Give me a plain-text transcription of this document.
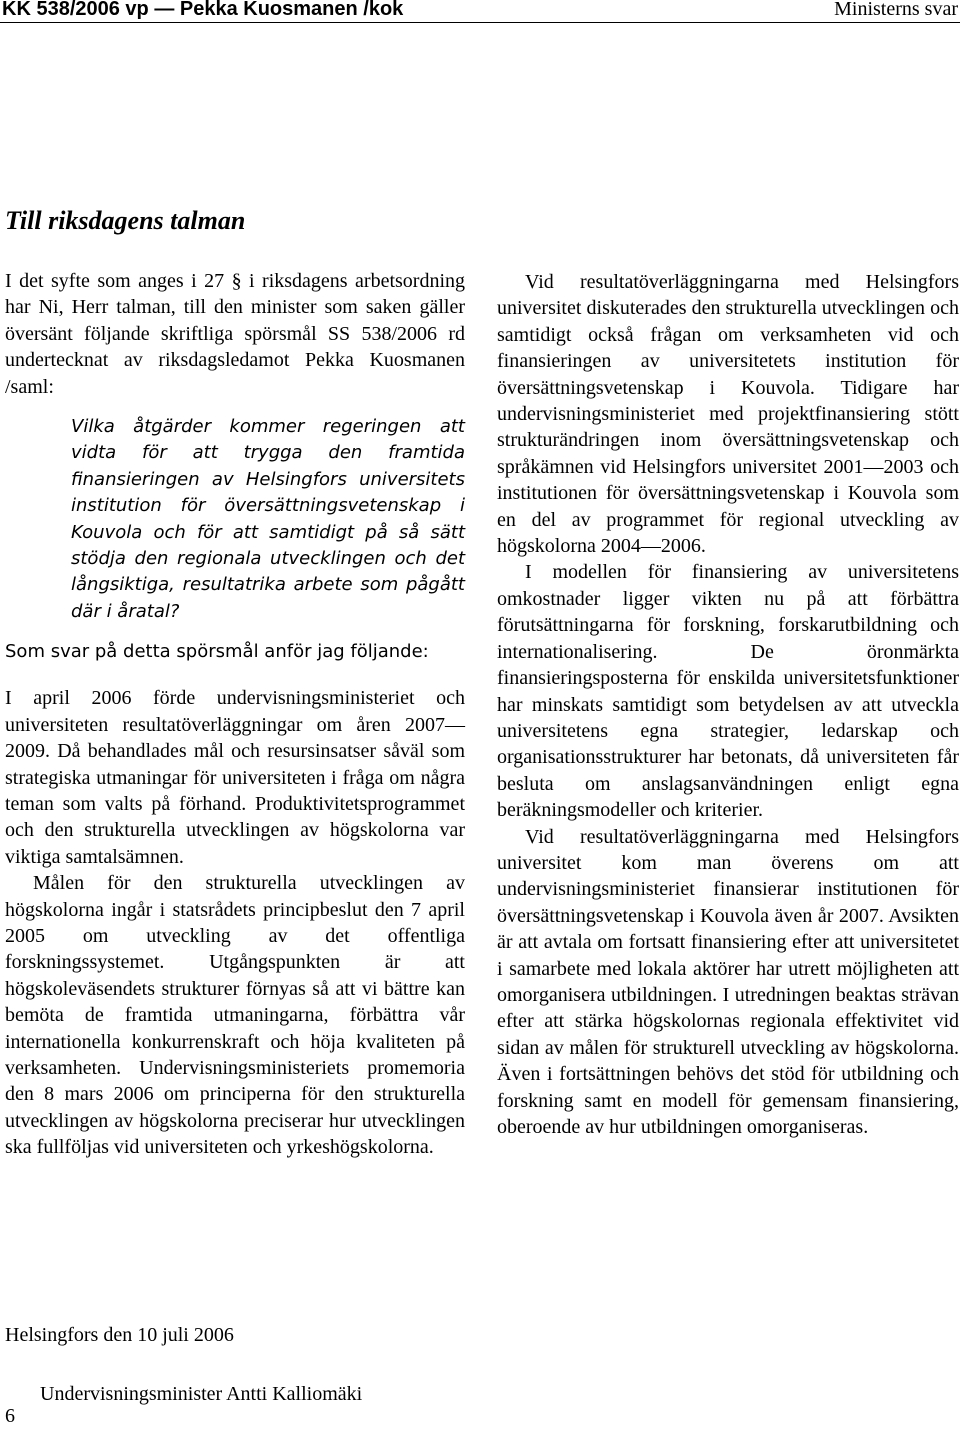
KK 538/2006 vp — Pekka Kuosmanen /kok	Ministerns svar
Till riksdagens talman

I det syfte som anges i 27 § i riksdagens arbetsordning har Ni, Herr talman, till den minister som saken gäller översänt följande skriftliga spörsmål SS 538/2006 rd undertecknat av riksdagsledamot Pekka Kuosmanen /saml:

Vilka åtgärder kommer regeringen att vidta för att trygga den framtida finansieringen av Helsingfors universitets institution för översättningsvetenskap i Kouvola och för att samtidigt på så sätt stödja den regionala utvecklingen och det långsiktiga, resultatrika arbete som pågått där i åratal?

Som svar på detta spörsmål anför jag följande:

I april 2006 förde undervisningsministeriet och universiteten resultatöverläggningar om åren 2007—2009. Då behandlades mål och resursinsatser såväl som strategiska utmaningar för universiteten i fråga om några teman som valts på förhand. Produktivitetsprogrammet och den strukturella utvecklingen av högskolorna var viktiga samtalsämnen.

Målen för den strukturella utvecklingen av högskolorna ingår i statsrådets principbeslut den 7 april 2005 om utveckling av det offentliga forskningssystemet. Utgångspunkten är att högskoleväsendets strukturer förnyas så att vi bättre kan bemöta de framtida utmaningarna, förbättra vår internationella konkurrenskraft och höja kvaliteten på verksamheten. Undervisningsministeriets promemoria den 8 mars 2006 om principerna för den strukturella utvecklingen av högskolorna preciserar hur utvecklingen ska fullföljas vid universiteten och yrkeshögskolorna.

Vid resultatöverläggningarna med Helsingfors universitet diskuterades den strukturella utvecklingen och samtidigt också frågan om verksamheten vid och finansieringen av universitetets institution för översättningsvetenskap i Kouvola. Tidigare har undervisningsministeriet med projektfinansiering stött strukturändringen inom översättningsvetenskap och språkämnen vid Helsingfors universitet 2001—2003 och institutionen för översättningsvetenskap i Kouvola som en del av programmet för regional utveckling av högskolorna 2004—2006.

I modellen för finansiering av universitetens omkostnader ligger vikten nu på att förbättra förutsättningarna för forskning, forskarutbildning och internationalisering. De öronmärkta finansieringsposterna för enskilda universitetsfunktioner har minskats samtidigt som betydelsen av att utveckla universitetens egna strategier, ledarskap och organisationsstrukturer har betonats, då universiteten får besluta om anslagsanvändningen enligt egna beräkningsmodeller och kriterier.

Vid resultatöverläggningarna med Helsingfors universitet kom man överens om att undervisningsministeriet finansierar institutionen för översättningsvetenskap i Kouvola även år 2007. Avsikten är att avtala om fortsatt finansiering efter att universitetet i samarbete med lokala aktörer har utrett möjligheten att omorganisera utbildningen. I utredningen beaktas strävan efter att stärka högskolornas regionala effektivitet vid sidan av målen för strukturell utveckling av högskolorna. Även i fortsättningen behövs det stöd för utbildning och forskning samt en modell för gemensam finansiering, oberoende av hur utbildningen omorganiseras.

Helsingfors den 10 juli 2006
Undervisningsminister Antti Kalliomäki
6
